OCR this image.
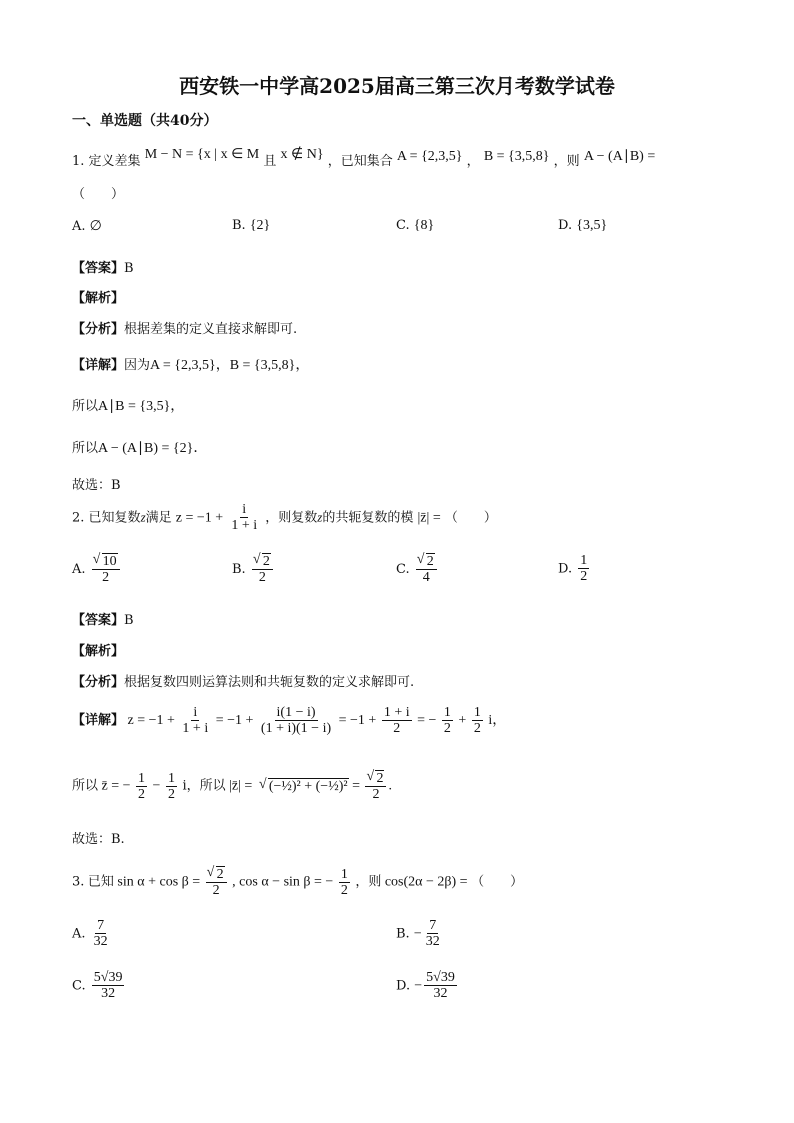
西安铁一中学高2025届高三第三次月考数学试卷
一、单选题（共40分）
1. 定义差集 M − N = {x | x ∈ M 且 x ∉ N} ，已知集合 A = {2,3,5} ， B = {3,5,8} ，则 A − (A∣B) =
（　　）
A. ∅	B. {2}	C. {8}	D. {3,5}
【答案】B
【解析】
【分析】根据差集的定义直接求解即可.
【详解】因为A = {2,3,5}，B = {3,5,8}，
所以A∣B = {3,5}，
所以A − (A∣B) = {2}．
故选：B
2. 已知复数z满足 $z = -1 + \frac{i}{1 + i}$ ，则复数z的共轭复数的模 |z̄| = （　　）
A. √ $\frac{10}{2}$	B. √ $\frac{2}{2}$	C. √ $\frac{2}{4}$	D. $\frac{1}{2}$
【答案】B
【解析】
【分析】根据复数四则运算法则和共轭复数的定义求解即可.
【详解】 $z = -1 + \frac{i}{1 + i} = -1 + \frac{i(1 - i)}{(1 + i)(1 - i)} = -1 + \frac{1 + i}{2}$ = − $\frac{1}{2} + \frac{1}{2}$ i，
所以 z̄ = − $\frac{1}{2} - \frac{1}{2}$ i，所以 |z̄| = √ (−½)² + (−½)² = √ $\frac{2}{2}$ .
故选：B.
3. 已知 sin α + cos β = √ $\frac{2}{2}$ , cos α − sin β = − $\frac{1}{2}$ ，则 cos(2α − 2β) = （　　）
A. $\frac{7}{32}$	B. − $\frac{7}{32}$
C. $\frac{5√39}{32}$	D. − $\frac{5√39}{32}$
